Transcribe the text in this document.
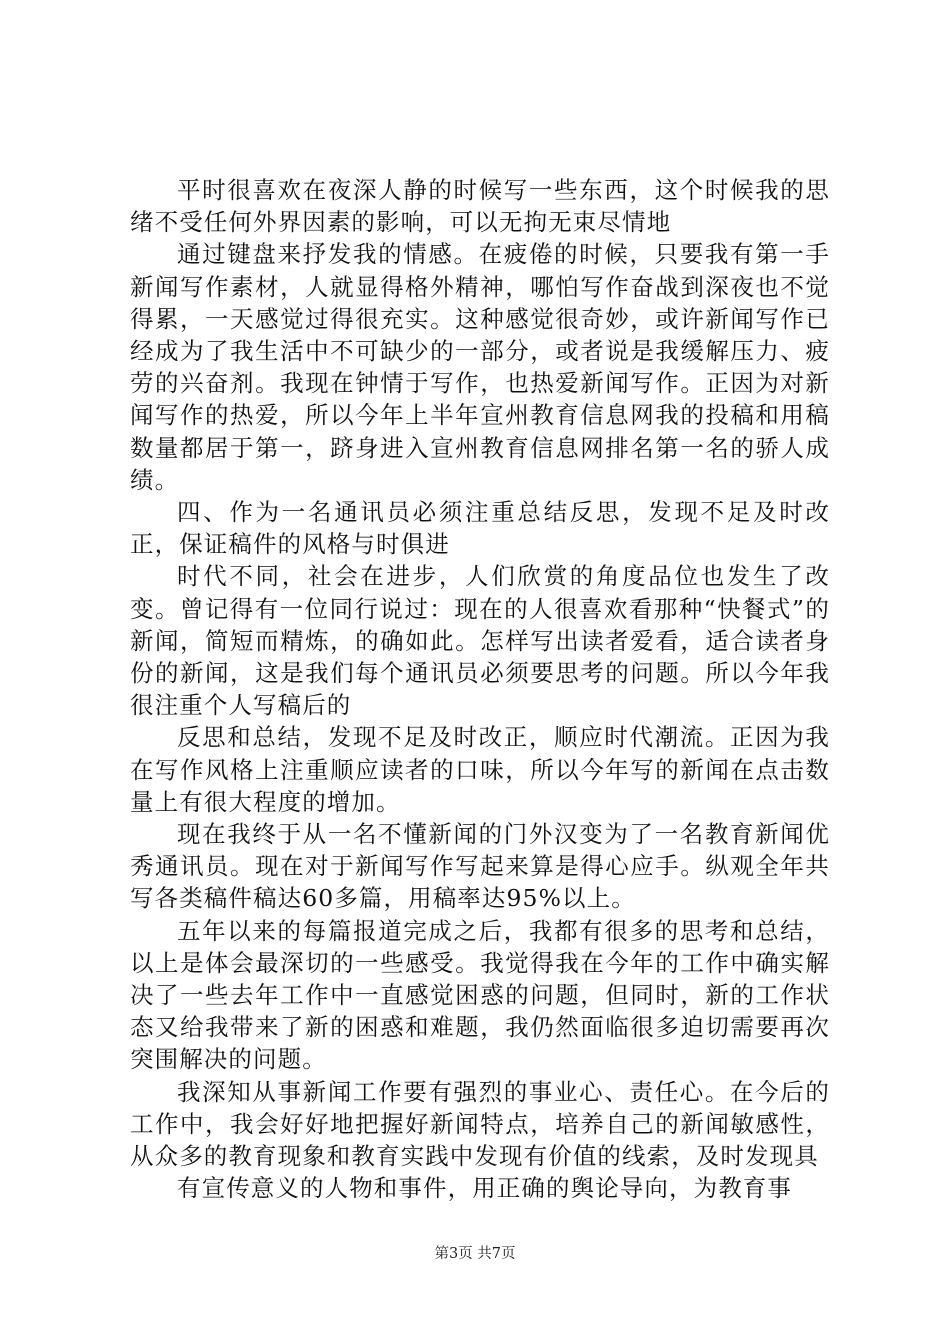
平时很喜欢在夜深人静的时候写一些东西，这个时候我的思绪不受任何外界因素的影响，可以无拘无束尽情地

通过键盘来抒发我的情感。在疲倦的时候，只要我有第一手新闻写作素材，人就显得格外精神，哪怕写作奋战到深夜也不觉得累，一天感觉过得很充实。这种感觉很奇妙，或许新闻写作已经成为了我生活中不可缺少的一部分，或者说是我缓解压力、疲劳的兴奋剂。我现在钟情于写作，也热爱新闻写作。正因为对新闻写作的热爱，所以今年上半年宣州教育信息网我的投稿和用稿数量都居于第一，跻身进入宣州教育信息网排名第一名的骄人成绩。

四、作为一名通讯员必须注重总结反思，发现不足及时改正，保证稿件的风格与时俱进

时代不同，社会在进步，人们欣赏的角度品位也发生了改变。曾记得有一位同行说过：现在的人很喜欢看那种“快餐式”的新闻，简短而精炼，的确如此。怎样写出读者爱看，适合读者身份的新闻，这是我们每个通讯员必须要思考的问题。所以今年我很注重个人写稿后的

反思和总结，发现不足及时改正，顺应时代潮流。正因为我在写作风格上注重顺应读者的口味，所以今年写的新闻在点击数量上有很大程度的增加。

现在我终于从一名不懂新闻的门外汉变为了一名教育新闻优秀通讯员。现在对于新闻写作写起来算是得心应手。纵观全年共写各类稿件稿达60多篇，用稿率达95%以上。

五年以来的每篇报道完成之后，我都有很多的思考和总结，以上是体会最深切的一些感受。我觉得我在今年的工作中确实解决了一些去年工作中一直感觉困惑的问题，但同时，新的工作状态又给我带来了新的困惑和难题，我仍然面临很多迫切需要再次突围解决的问题。

我深知从事新闻工作要有强烈的事业心、责任心。在今后的工作中，我会好好地把握好新闻特点，培养自己的新闻敏感性，从众多的教育现象和教育实践中发现有价值的线索，及时发现具

有宣传意义的人物和事件，用正确的舆论导向，为教育事

第3页 共7页
